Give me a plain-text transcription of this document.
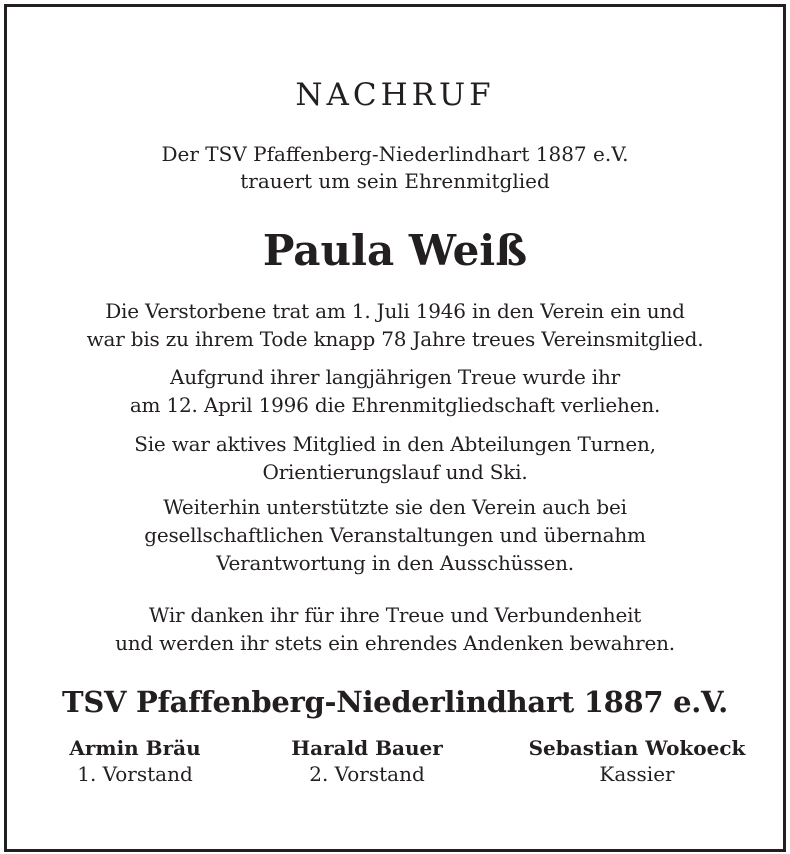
NACHRUF
Der TSV Pfaffenberg-Niederlindhart 1887 e.V.
trauert um sein Ehrenmitglied
Paula Weiß
Die Verstorbene trat am 1. Juli 1946 in den Verein ein und
war bis zu ihrem Tode knapp 78 Jahre treues Vereinsmitglied.
Aufgrund ihrer langjährigen Treue wurde ihr
am 12. April 1996 die Ehrenmitgliedschaft verliehen.
Sie war aktives Mitglied in den Abteilungen Turnen,
Orientierungslauf und Ski.
Weiterhin unterstützte sie den Verein auch bei
gesellschaftlichen Veranstaltungen und übernahm
Verantwortung in den Ausschüssen.
Wir danken ihr für ihre Treue und Verbundenheit
und werden ihr stets ein ehrendes Andenken bewahren.
TSV Pfaffenberg-Niederlindhart 1887 e.V.
Armin Bräu
1. Vorstand
Harald Bauer
2. Vorstand
Sebastian Wokoeck
Kassier
